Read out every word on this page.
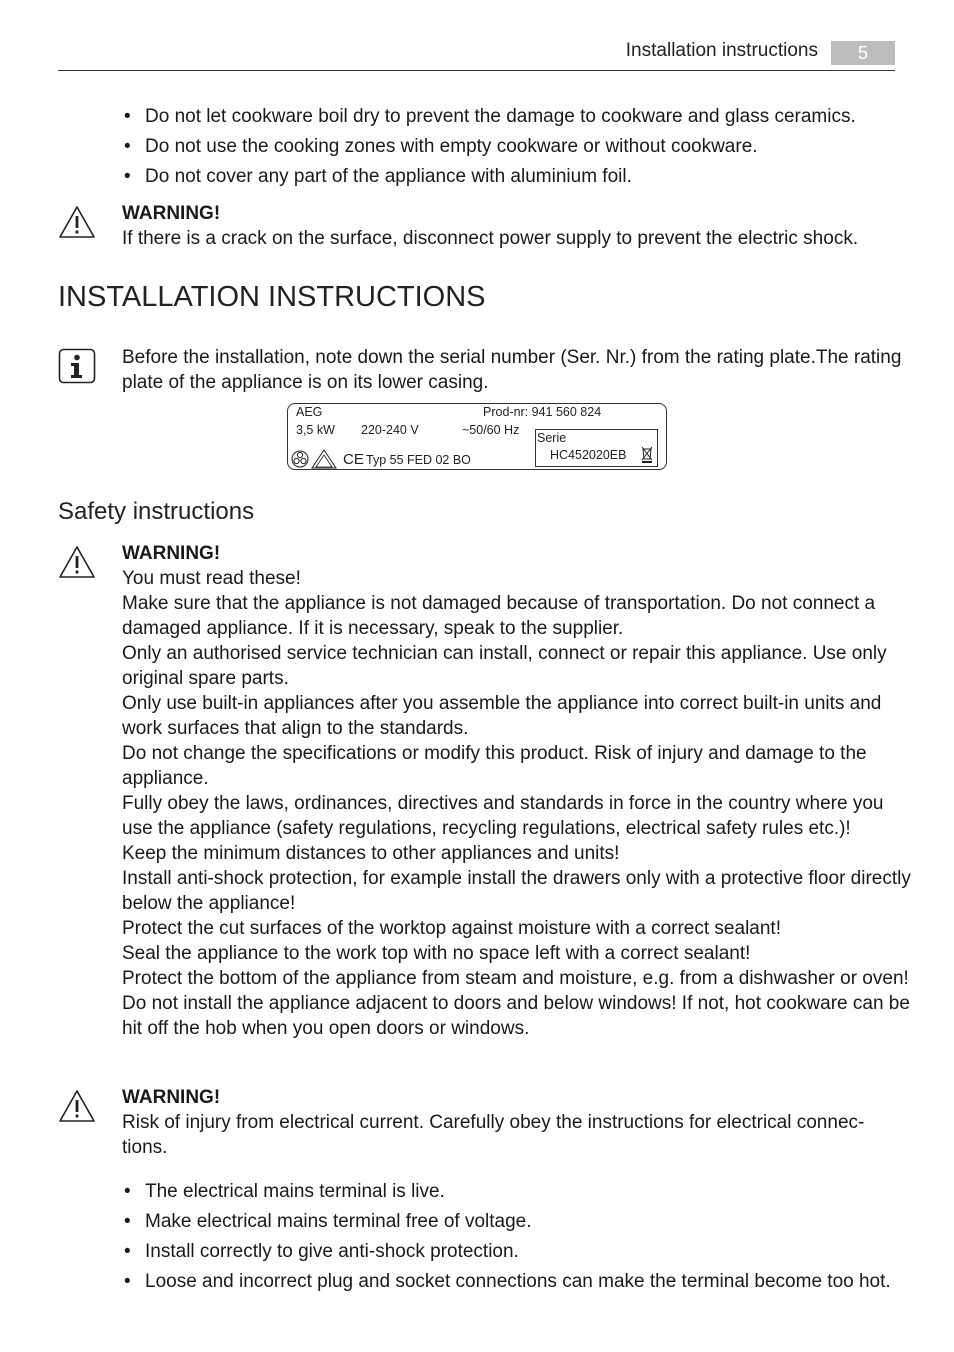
Installation instructions	5
• Do not let cookware boil dry to prevent the damage to cookware and glass ceramics.
• Do not use the cooking zones with empty cookware or without cookware.
• Do not cover any part of the appliance with aluminium foil.

WARNING!

If there is a crack on the surface, disconnect power supply to prevent the electric shock.

INSTALLATION INSTRUCTIONS

Before the installation, note down the serial number (Ser. Nr.) from the rating plate.The rating plate of the appliance is on its lower casing.

AEG	Prod-nr: 941 560 824
3,5 kW 220-240 V	~50/60 Hz
Serie
HC452020EB
CE Typ 55 FED 02 BO
Safety instructions

WARNING!

You must read these!

Make sure that the appliance is not damaged because of transportation. Do not connect a damaged appliance. If it is necessary, speak to the supplier.

Only an authorised service technician can install, connect or repair this appliance. Use only original spare parts.

Only use built-in appliances after you assemble the appliance into correct built-in units and work surfaces that align to the standards.

Do not change the specifications or modify this product. Risk of injury and damage to the appliance.

Fully obey the laws, ordinances, directives and standards in force in the country where you use the appliance (safety regulations, recycling regulations, electrical safety rules etc.)!

Keep the minimum distances to other appliances and units!

Install anti-shock protection, for example install the drawers only with a protective floor directly below the appliance!

Protect the cut surfaces of the worktop against moisture with a correct sealant!

Seal the appliance to the work top with no space left with a correct sealant!

Protect the bottom of the appliance from steam and moisture, e.g. from a dishwasher or oven!

Do not install the appliance adjacent to doors and below windows! If not, hot cookware can be hit off the hob when you open doors or windows.

WARNING!

Risk of injury from electrical current. Carefully obey the instructions for electrical connec- tions.

• The electrical mains terminal is live.
• Make electrical mains terminal free of voltage.
• Install correctly to give anti-shock protection.
• Loose and incorrect plug and socket connections can make the terminal become too hot.
